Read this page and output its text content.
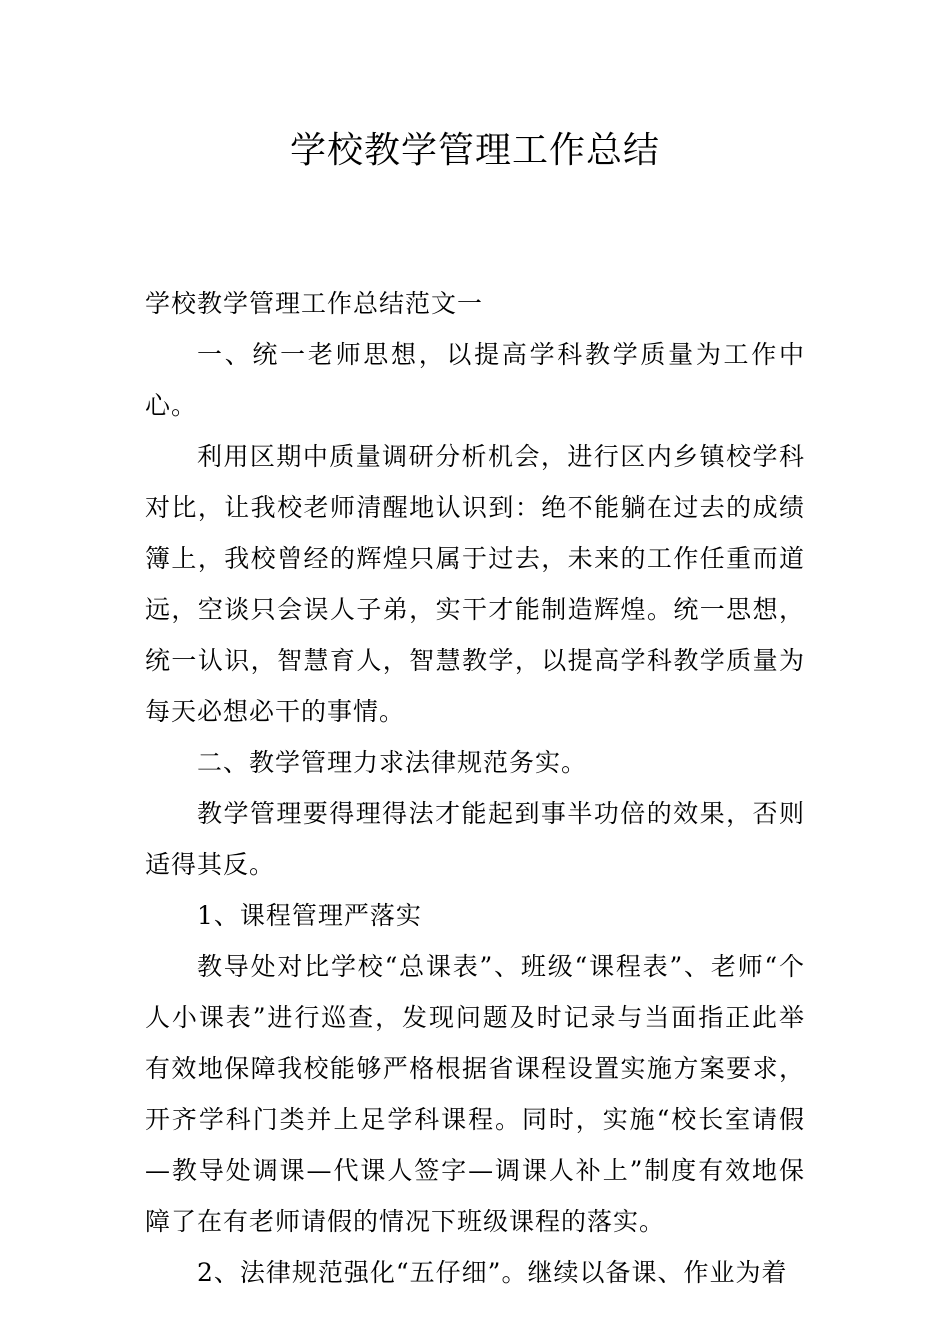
学校教学管理工作总结

学校教学管理工作总结范文一

一、统一老师思想，以提高学科教学质量为工作中心。

利用区期中质量调研分析机会，进行区内乡镇校学科对比，让我校老师清醒地认识到：绝不能躺在过去的成绩簿上，我校曾经的辉煌只属于过去，未来的工作任重而道远，空谈只会误人子弟，实干才能制造辉煌。统一思想，统一认识，智慧育人，智慧教学，以提高学科教学质量为每天必想必干的事情。

二、教学管理力求法律规范务实。

教学管理要得理得法才能起到事半功倍的效果，否则适得其反。

1、课程管理严落实

教导处对比学校“总课表”、班级“课程表”、老师“个人小课表”进行巡查，发现问题及时记录与当面指正此举有效地保障我校能够严格根据省课程设置实施方案要求，开齐学科门类并上足学科课程。同时，实施“校长室请假—教导处调课—代课人签字—调课人补上”制度有效地保障了在有老师请假的情况下班级课程的落实。

2、法律规范强化“五仔细”。继续以备课、作业为着
